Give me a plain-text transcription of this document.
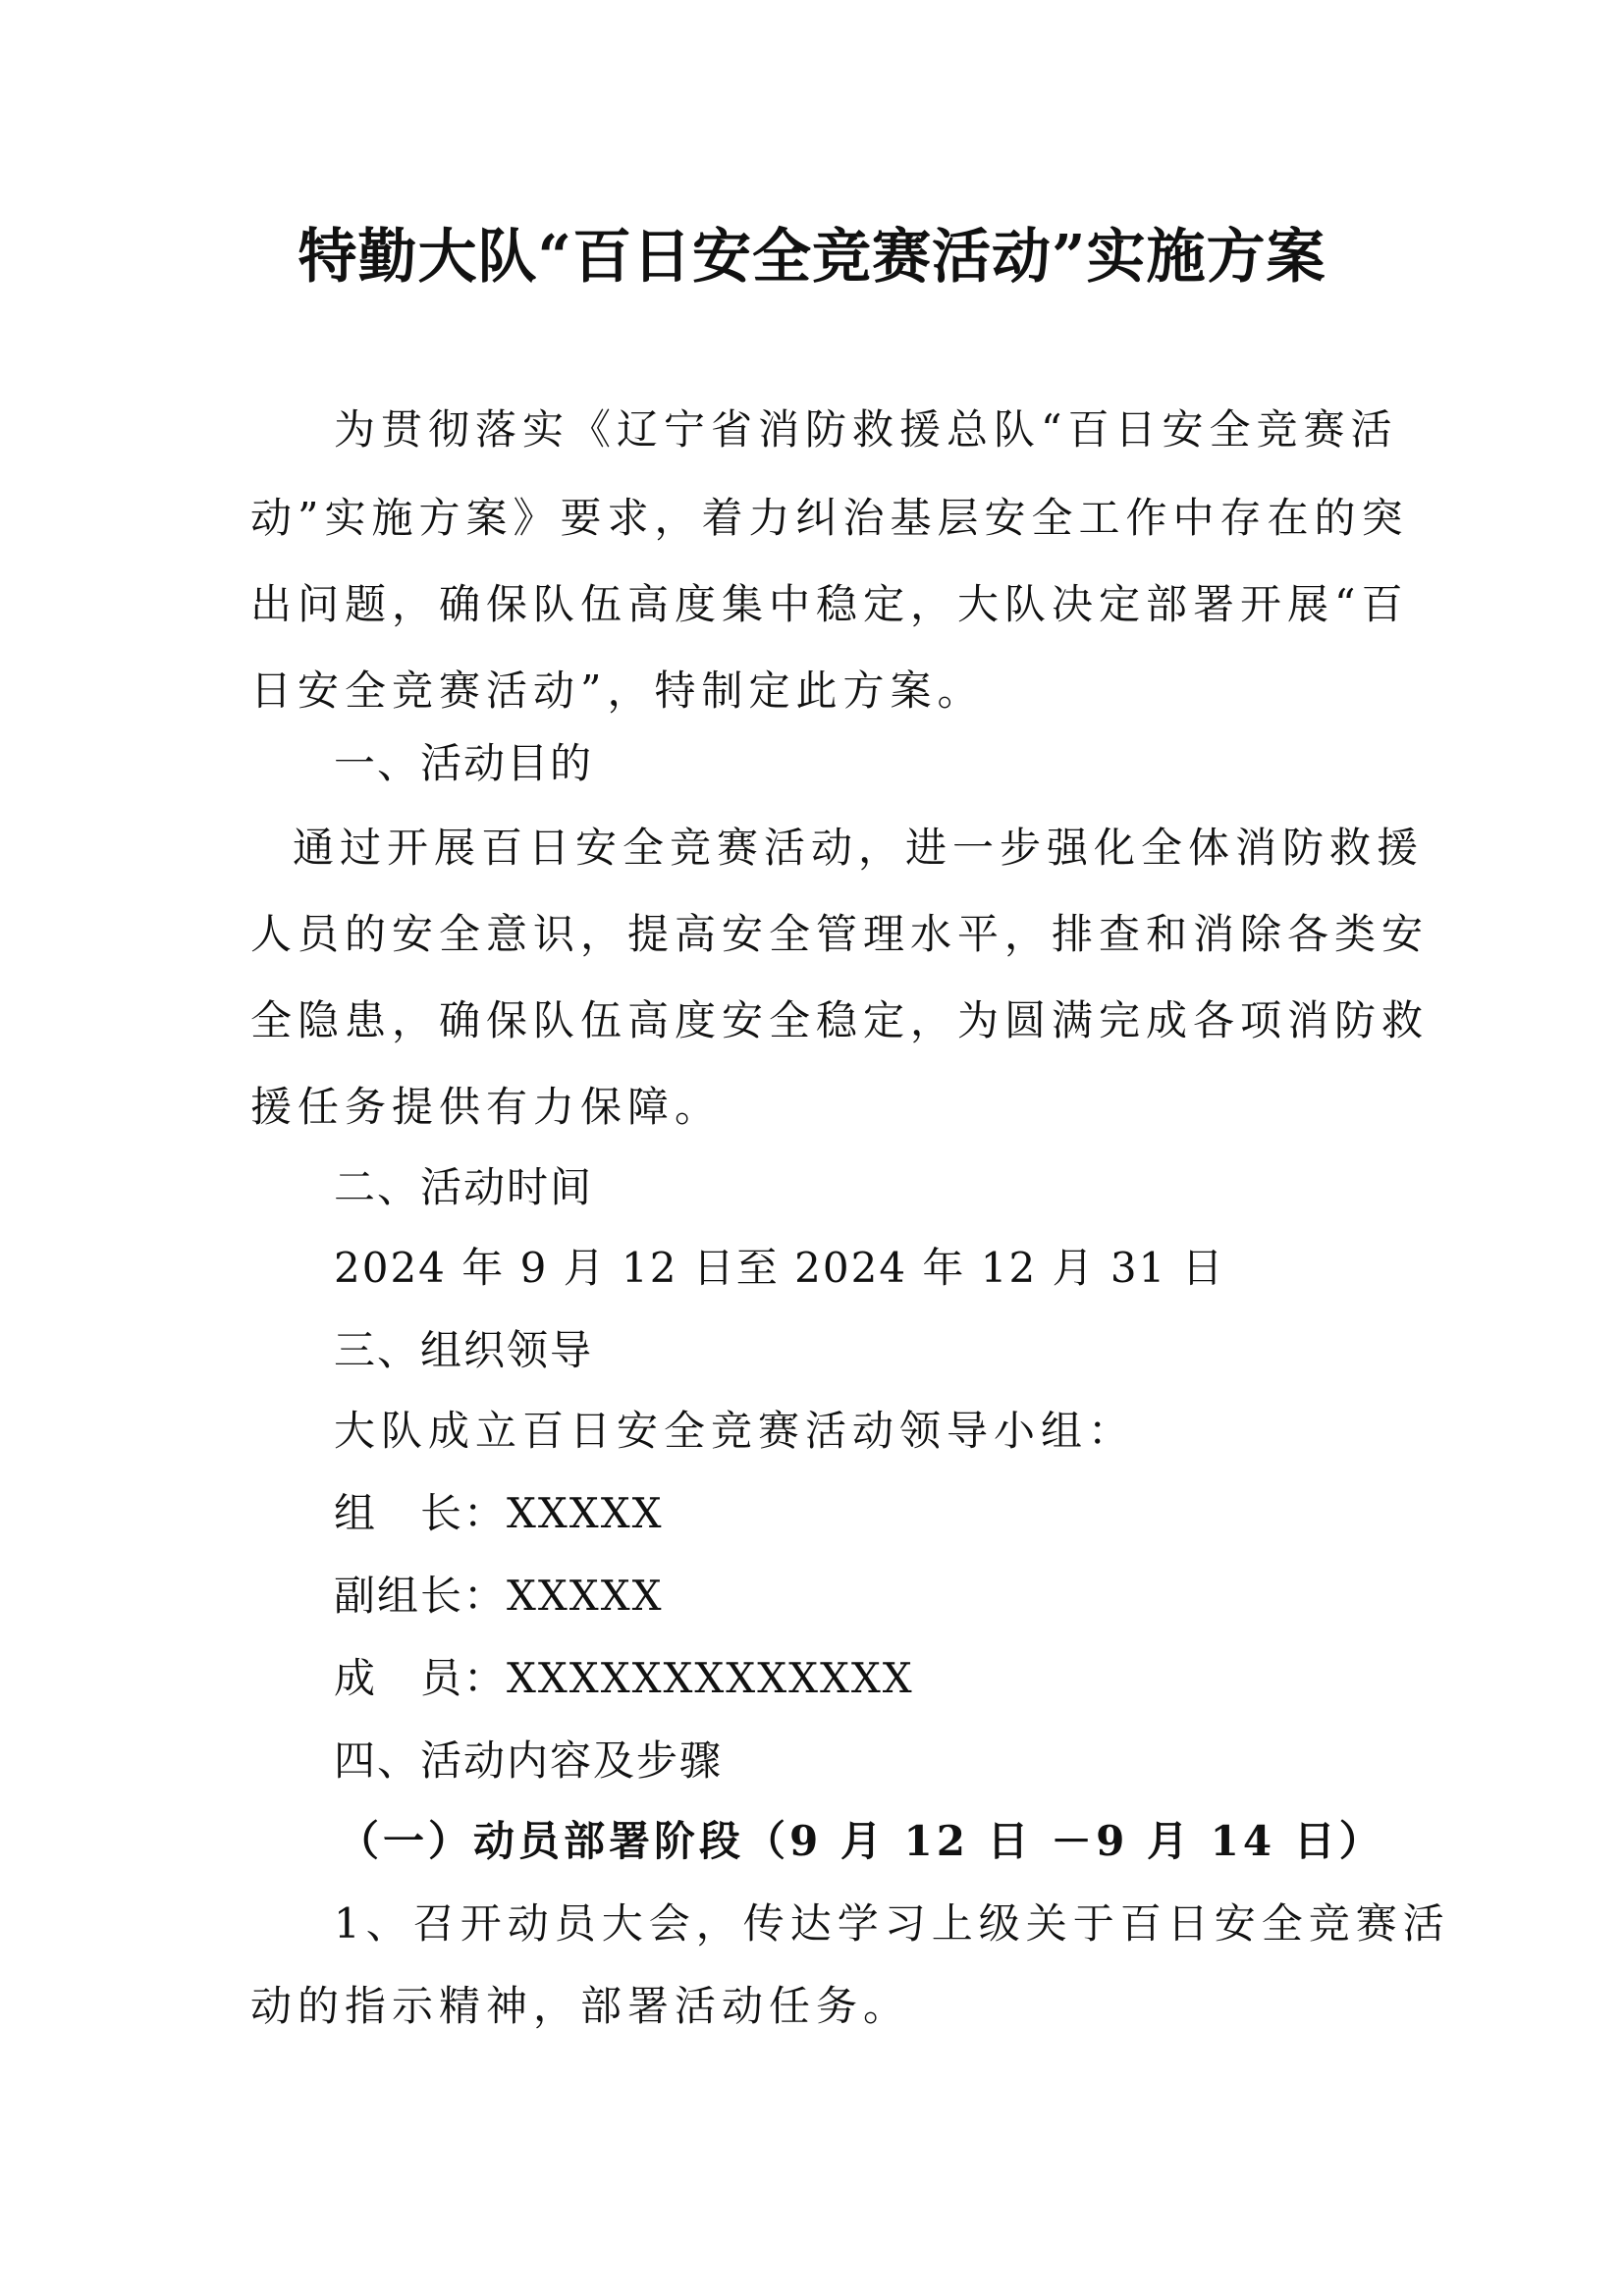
特勤大队“百日安全竞赛活动”实施方案
为贯彻落实《辽宁省消防救援总队“百日安全竞赛活
动”实施方案》要求，着力纠治基层安全工作中存在的突
出问题，确保队伍高度集中稳定，大队决定部署开展“百
日安全竞赛活动”，特制定此方案。
一、活动目的
通过开展百日安全竞赛活动，进一步强化全体消防救援
人员的安全意识，提高安全管理水平，排查和消除各类安
全隐患，确保队伍高度安全稳定，为圆满完成各项消防救
援任务提供有力保障。
二、活动时间
2024 年 9 月 12 日至 2024 年 12 月 31 日
三、组织领导
大队成立百日安全竞赛活动领导小组：
组　长：XXXXX
副组长：XXXXX
成　员：XXXXXXXXXXXXX
四、活动内容及步骤
（一）动员部署阶段（9 月 12 日 －9 月 14 日）
1、召开动员大会，传达学习上级关于百日安全竞赛活
动的指示精神，部署活动任务。
